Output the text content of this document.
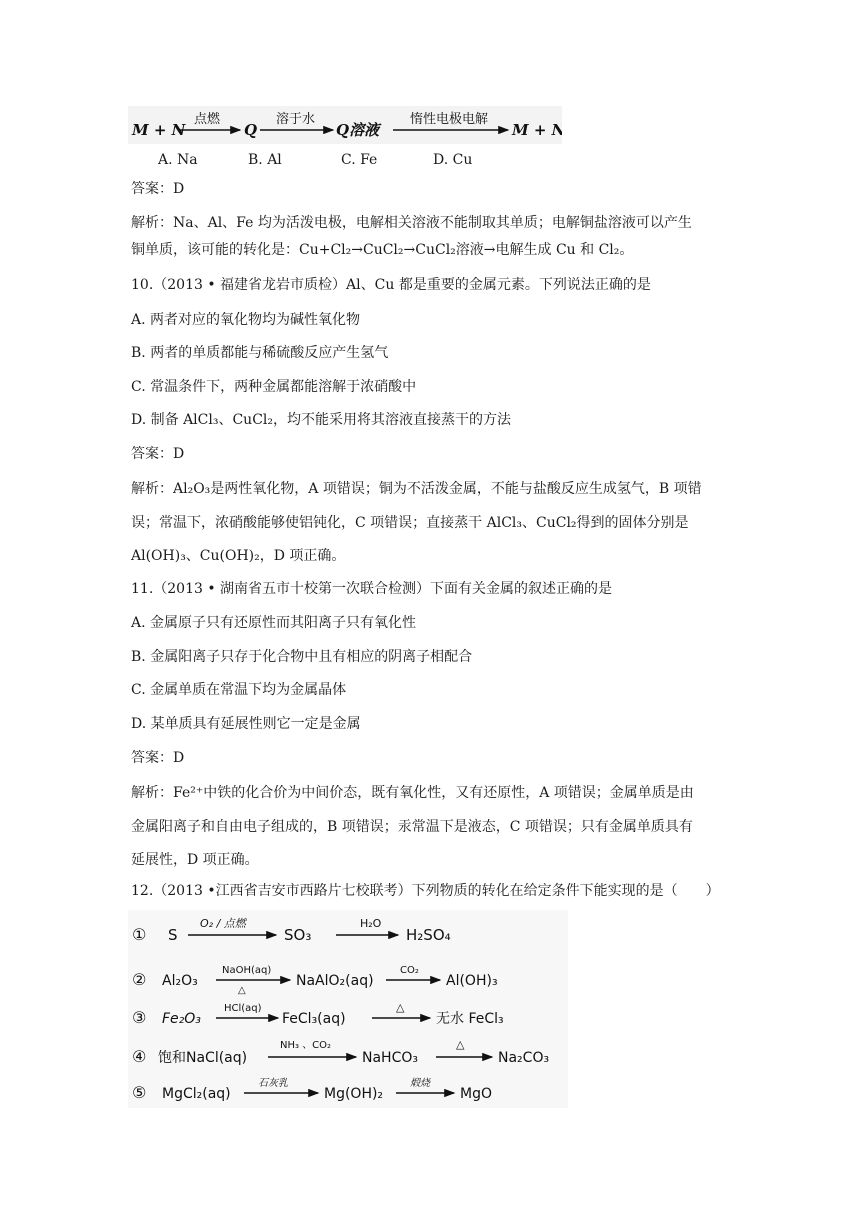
M + N
点燃
Q
溶于水
Q溶液
惰性电极电解
M + N
A. Na	B. Al	C. Fe	D. Cu
答案：D
解析：Na、Al、Fe 均为活泼电极，电解相关溶液不能制取其单质；电解铜盐溶液可以产生
铜单质，该可能的转化是：Cu+Cl₂→CuCl₂→CuCl₂溶液→电解生成 Cu 和 Cl₂。
10.（2013 • 福建省龙岩市质检）Al、Cu 都是重要的金属元素。下列说法正确的是
A. 两者对应的氧化物均为碱性氧化物
B. 两者的单质都能与稀硫酸反应产生氢气
C. 常温条件下，两种金属都能溶解于浓硝酸中
D. 制备 AlCl₃、CuCl₂，均不能采用将其溶液直接蒸干的方法
答案：D
解析：Al₂O₃是两性氧化物，A 项错误；铜为不活泼金属，不能与盐酸反应生成氢气，B 项错
误；常温下，浓硝酸能够使铝钝化，C 项错误；直接蒸干 AlCl₃、CuCl₂得到的固体分别是
Al(OH)₃、Cu(OH)₂，D 项正确。
11.（2013 • 湖南省五市十校第一次联合检测）下面有关金属的叙述正确的是
A. 金属原子只有还原性而其阳离子只有氧化性
B. 金属阳离子只存于化合物中且有相应的阴离子相配合
C. 金属单质在常温下均为金属晶体
D. 某单质具有延展性则它一定是金属
答案：D
解析：Fe²⁺中铁的化合价为中间价态，既有氧化性，又有还原性，A 项错误；金属单质是由
金属阳离子和自由电子组成的，B 项错误；汞常温下是液态，C 项错误；只有金属单质具有
延展性，D 项正确。
12.（2013 •江西省吉安市西路片七校联考）下列物质的转化在给定条件下能实现的是（　　）
① S
O₂ / 点燃
SO₃
H₂O
H₂SO₄
② Al₂O₃
NaOH(aq)
△
NaAlO₂(aq)
CO₂
Al(OH)₃
③ Fe₂O₃
HCl(aq)
FeCl₃(aq)
△
无水 FeCl₃
④ 饱和NaCl(aq)
NH₃ 、CO₂
NaHCO₃
△
Na₂CO₃
⑤ MgCl₂(aq)
石灰乳
Mg(OH)₂
煅烧
MgO
